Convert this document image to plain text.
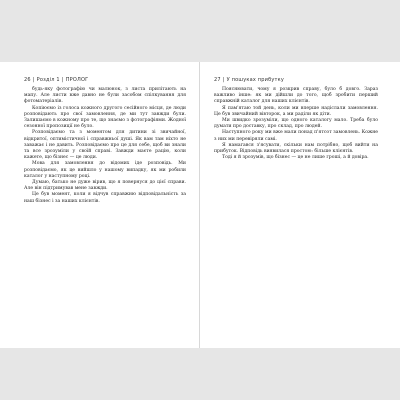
26 | Розділ 1 | ПРОЛОГ

будь-яку фотографію чи малюнок, з листа прилітають на мапу. Але листи вже давно не були засобом спілкування для фотоматеріалів.

Копіюємо із голоса кожного другого сесійного місця, де люди розповідають про свої замовлення, де ми тут завжди були. Залишаємо в кожному про те, що знаємо з фотографіями. Жодної сезонної пропозиції не було.

Розповідаємо та з моментом для дитини зі звичайної, відкритої, оптимістичної і справжньої душі. Як вам там ніхто не заважає і не давить. Розповідаємо про це для себе, щоб ви знали та все зрозуміли у своїй справі. Завжди маєте рацію, коли кажете, що бізнес — це люди.

Мова для замовлення до відомих іде розповідь. Ми розповідаємо, як це вийшло у нашому випадку, як ми робили каталог у наступному році.

Думаю, батько не дуже вірив, що я повернуся до цієї справи. Але він підтримував мене завжди.

Це був момент, коли я відчув справжню відповідальність за наш бізнес і за наших клієнтів.

27 | У пошуках прибутку

Пояснювати, чому я розкрив справу, було б довго. Зараз важливо інше: як ми дійшли до того, щоб зробити перший справжній каталог для наших клієнтів.

Я пам'ятаю той день, коли ми вперше надіслали замовлення. Це був звичайний вівторок, а ми раділи як діти.

Ми швидко зрозуміли, що одного каталогу мало. Треба було думати про доставку, про склад, про людей.

Наступного року ми вже мали понад п'ятсот замовлень. Кожне з них ми перевіряли самі.

Я намагався з'ясувати, скільки нам потрібно, щоб вийти на прибуток. Відповідь виявилася простою: більше клієнтів.

Тоді я й зрозумів, що бізнес — це не лише гроші, а й довіра.
